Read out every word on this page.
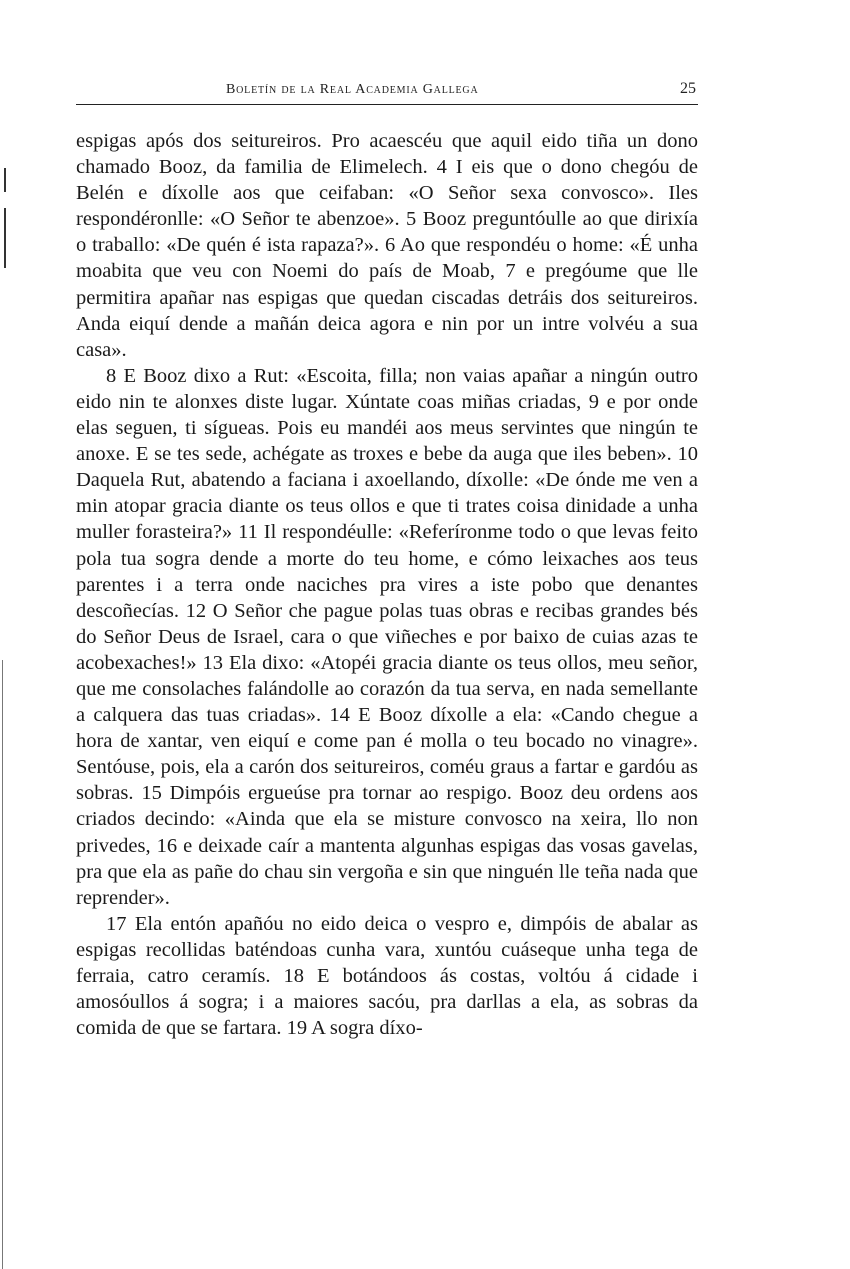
Boletín de la Real Academia Gallega	25

espigas após dos seitureiros. Pro acaescéu que aquil eido tiña un dono chamado Booz, da familia de Elimelech. 4 I eis que o dono chegóu de Belén e díxolle aos que ceifaban: «O Señor sexa convosco». Iles respondéronlle: «O Señor te abenzoe». 5 Booz preguntóulle ao que dirixía o traballo: «De quén é ista rapaza?». 6 Ao que respondéu o home: «É unha moabita que veu con Noemi do país de Moab, 7 e pregóume que lle permitira apañar nas espigas que quedan ciscadas detráis dos seitureiros. Anda eiquí dende a mañán deica agora e nin por un intre volvéu a sua casa».

8 E Booz dixo a Rut: «Escoita, filla; non vaias apañar a ningún outro eido nin te alonxes diste lugar. Xúntate coas miñas criadas, 9 e por onde elas seguen, ti sígueas. Pois eu mandéi aos meus servintes que ningún te anoxe. E se tes sede, achégate as troxes e bebe da auga que iles beben». 10 Daquela Rut, abatendo a faciana i axoellando, díxolle: «De ónde me ven a min atopar gracia diante os teus ollos e que ti trates coisa dinidade a unha muller forasteira?» 11 Il respondéulle: «Referíronme todo o que levas feito pola tua sogra dende a morte do teu home, e cómo leixaches aos teus parentes i a terra onde naciches pra vires a iste pobo que denantes descoñecías. 12 O Señor che pague polas tuas obras e recibas grandes bés do Señor Deus de Israel, cara o que viñeches e por baixo de cuias azas te acobexaches!» 13 Ela dixo: «Atopéi gracia diante os teus ollos, meu señor, que me consolaches falándolle ao corazón da tua serva, en nada semellante a calquera das tuas criadas». 14 E Booz díxolle a ela: «Cando chegue a hora de xantar, ven eiquí e come pan é molla o teu bocado no vinagre». Sentóuse, pois, ela a carón dos seitureiros, coméu graus a fartar e gardóu as sobras. 15 Dimpóis ergueúse pra tornar ao respigo. Booz deu ordens aos criados decindo: «Ainda que ela se misture convosco na xeira, llo non privedes, 16 e deixade caír a mantenta algunhas espigas das vosas gavelas, pra que ela as pañe do chau sin vergoña e sin que ninguén lle teña nada que reprender».

17 Ela entón apañóu no eido deica o vespro e, dimpóis de abalar as espigas recollidas baténdoas cunha vara, xuntóu cuáseque unha tega de ferraia, catro ceramís. 18 E botándoos ás costas, voltóu á cidade i amosóullos á sogra; i a maiores sacóu, pra darllas a ela, as sobras da comida de que se fartara. 19 A sogra díxo-
